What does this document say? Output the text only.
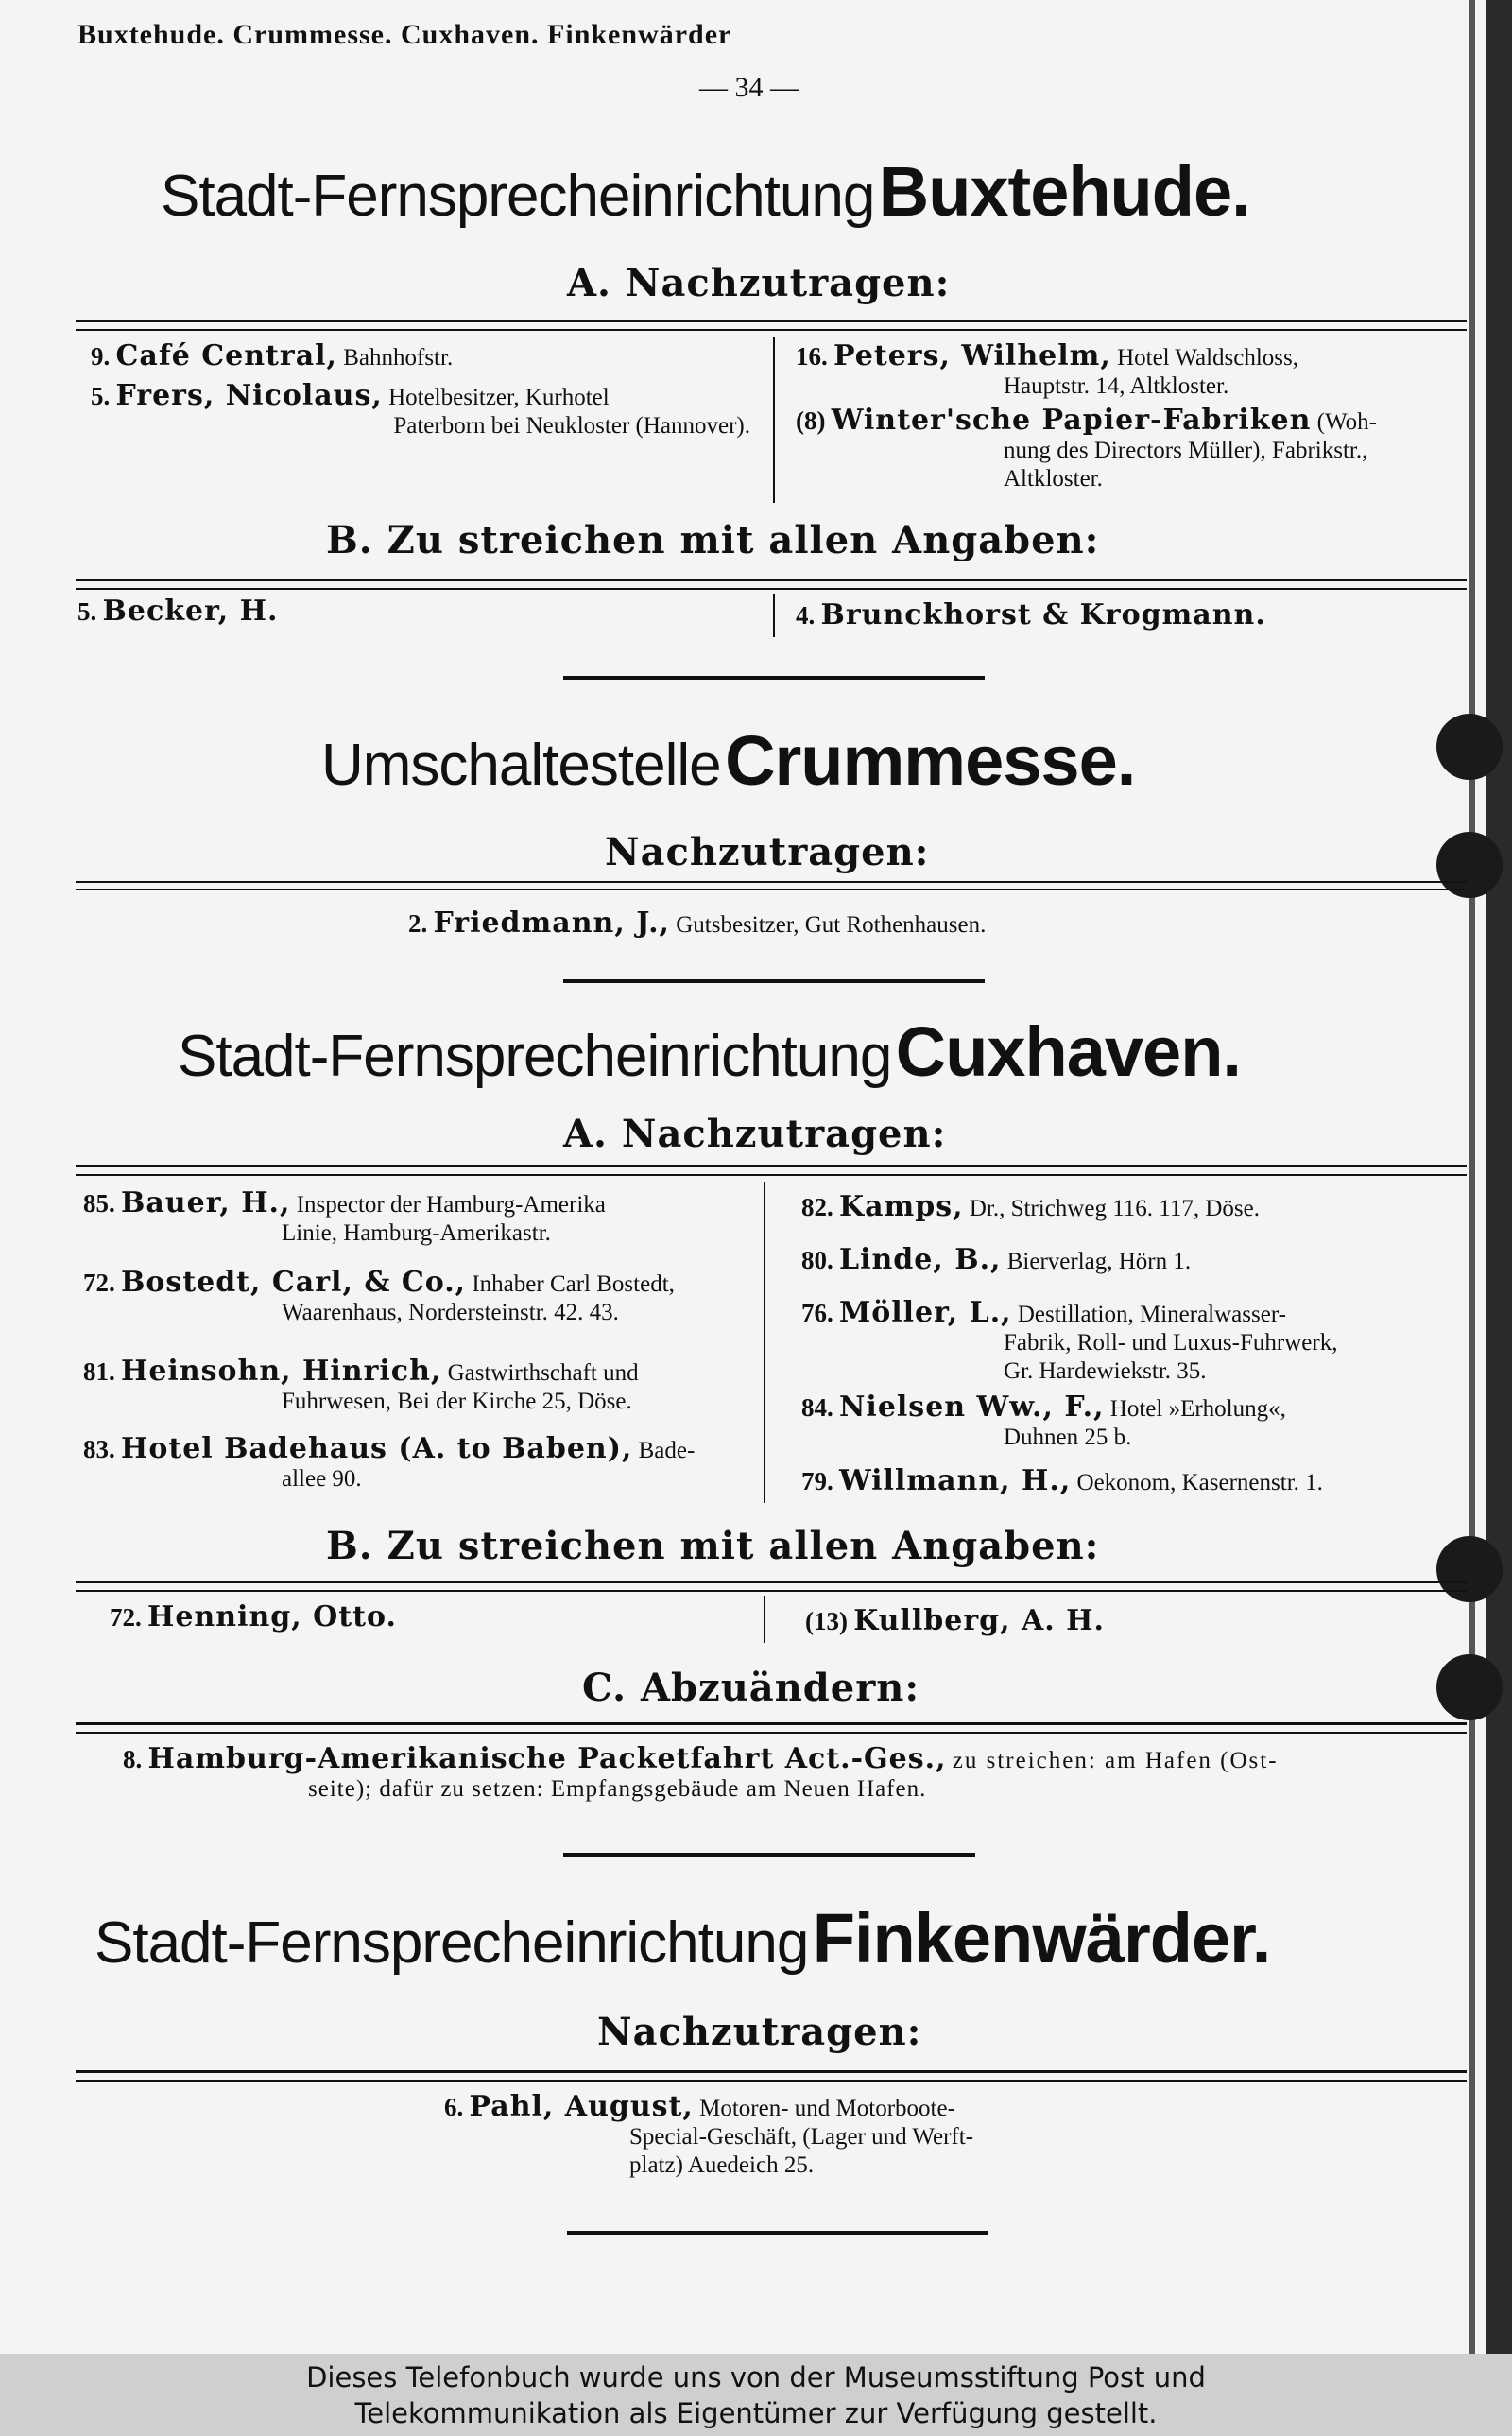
Buxtehude. Crummesse. Cuxhaven. Finkenwärder
— 34 —
Stadt-Fernsprecheinrichtung Buxtehude.
A. Nachzutragen:
9. Café Central, Bahnhofstr.
5. Frers, Nicolaus, Hotelbesitzer, Kurhotel
Paterborn bei Neukloster (Hannover).
16. Peters, Wilhelm, Hotel Waldschloss,
Hauptstr. 14, Altkloster.
(8) Winter'sche Papier-Fabriken (Woh-
nung des Directors Müller), Fabrikstr.,
Altkloster.
B. Zu streichen mit allen Angaben:
5. Becker, H.	4. Brunckhorst & Krogmann.
Umschaltestelle Crummesse.
Nachzutragen:
2. Friedmann, J., Gutsbesitzer, Gut Rothenhausen.
Stadt-Fernsprecheinrichtung Cuxhaven.
A. Nachzutragen:
85. Bauer, H., Inspector der Hamburg-Amerika
Linie, Hamburg-Amerikastr.
72. Bostedt, Carl, & Co., Inhaber Carl Bostedt,
Waarenhaus, Nordersteinstr. 42. 43.
81. Heinsohn, Hinrich, Gastwirthschaft und
Fuhrwesen, Bei der Kirche 25, Döse.
83. Hotel Badehaus (A. to Baben), Bade-
allee 90.
82. Kamps, Dr., Strichweg 116. 117, Döse.
80. Linde, B., Bierverlag, Hörn 1.
76. Möller, L., Destillation, Mineralwasser-
Fabrik, Roll- und Luxus-Fuhrwerk,
Gr. Hardewiekstr. 35.
84. Nielsen Ww., F., Hotel »Erholung«,
Duhnen 25 b.
79. Willmann, H., Oekonom, Kasernenstr. 1.
B. Zu streichen mit allen Angaben:
72. Henning, Otto.	(13) Kullberg, A. H.
C. Abzuändern:
8. Hamburg-Amerikanische Packetfahrt Act.-Ges., zu streichen: am Hafen (Ost-
seite); dafür zu setzen: Empfangsgebäude am Neuen Hafen.
Stadt-Fernsprecheinrichtung Finkenwärder.
Nachzutragen:
6. Pahl, August, Motoren- und Motorboote-
Special-Geschäft, (Lager und Werft-
platz) Auedeich 25.
Dieses Telefonbuch wurde uns von der Museumsstiftung Post und
Telekommunikation als Eigentümer zur Verfügung gestellt.
